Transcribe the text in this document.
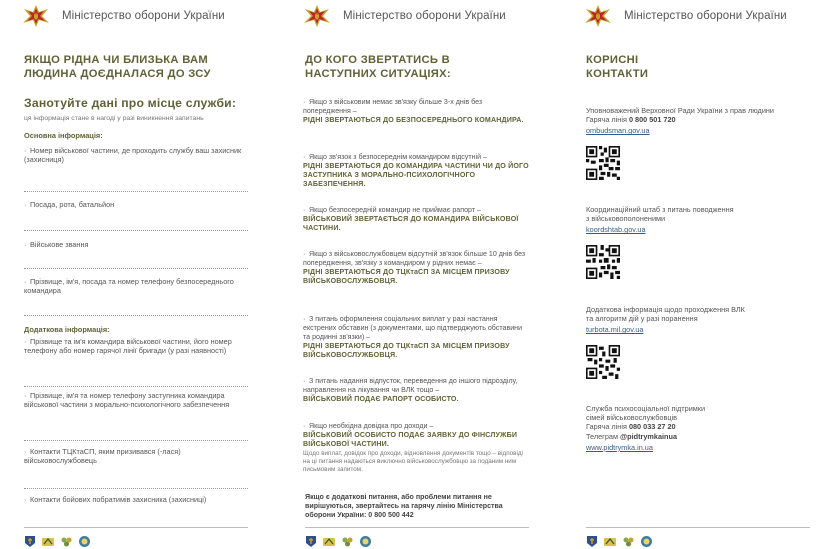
Міністерство оборони України
ЯКЩО РІДНА ЧИ БЛИЗЬКА ВАМ
ЛЮДИНА ДОЄДНАЛАСЯ ДО ЗСУ
Занотуйте дані про місце служби:
ця інформація стане в нагоді у разі виникнення запитань
Основна інформація:
· Номер військової частини, де проходить службу ваш захисник (захисниця)
· Посада, рота, батальйон
· Військове звання
· Прізвище, ім'я, посада та номер телефону безпосереднього командира
Додаткова інформація:
· Прізвище та ім'я командира військової частини, його номер телефону або номер гарячої лінії бригади (у разі наявності)
· Прізвище, ім'я та номер телефону заступника командира військової частини з морально-психологічного забезпечення
· Контакти ТЦКтаСП, яким призивався (-лася) військовослужбовець
· Контакти бойових побратимів захисника (захисниці)
Міністерство оборони України
ДО КОГО ЗВЕРТАТИСЬ В
НАСТУПНИХ СИТУАЦІЯХ:
· Якщо з військовим немає зв'язку більше 3-х днів без попередження –
РІДНІ ЗВЕРТАЮТЬСЯ ДО БЕЗПОСЕРЕДНЬОГО КОМАНДИРА.
· Якщо зв'язок з безпосереднім командиром відсутній –
РІДНІ ЗВЕРТАЮТЬСЯ ДО КОМАНДИРА ЧАСТИНИ ЧИ ДО ЙОГО ЗАСТУПНИКА З МОРАЛЬНО-ПСИХОЛОГІЧНОГО ЗАБЕЗПЕЧЕННЯ.
· Якщо безпосередній командир не приймає рапорт –
ВІЙСЬКОВИЙ ЗВЕРТАЄТЬСЯ ДО КОМАНДИРА ВІЙСЬКОВОЇ ЧАСТИНИ.
· Якщо з військовослужбовцем відсутній зв'язок більше 10 днів без попередження, зв'язку з командиром у рідних немає –
РІДНІ ЗВЕРТАЮТЬСЯ ДО ТЦКтаСП ЗА МІСЦЕМ ПРИЗОВУ ВІЙСЬКОВОСЛУЖБОВЦЯ.
· З питань оформлення соціальних виплат у разі настання екстрених обставин (з документами, що підтверджують обставини та родинні зв'язки) –
РІДНІ ЗВЕРТАЮТЬСЯ ДО ТЦКтаСП ЗА МІСЦЕМ ПРИЗОВУ ВІЙСЬКОВОСЛУЖБОВЦЯ.
· З питань надання відпусток, переведення до іншого підрозділу, направлення на лікування чи ВЛК тощо –
ВІЙСЬКОВИЙ ПОДАЄ РАПОРТ ОСОБИСТО.
· Якщо необхідна довідка про доходи –
ВІЙСЬКОВИЙ ОСОБИСТО ПОДАЄ ЗАЯВКУ ДО ФІНСЛУЖБИ ВІЙСЬКОВОЇ ЧАСТИНИ.
Щодо виплат, довідок про доходи, відновлення документів тощо – відповіді на ці питання надаються виключно військовослужбовцю за поданим ним письмовим запитом.
Якщо є додаткові питання, або проблеми питання не вирішуються, звертайтесь на гарячу лінію Міністерства оборони України: 0 800 500 442
Міністерство оборони України
КОРИСНІ
КОНТАКТИ
Уповноважений Верховної Ради України з прав людини
Гаряча лінія 0 800 501 720
ombudsman.gov.ua
Координаційний штаб з питань поводження
з військовополоненими
koordshtab.gov.ua
Додаткова інформація щодо проходження ВЛК
та алгоритм дій у разі поранення
turbota.mil.gov.ua
Служба психосоціальної підтримки
сімей військовослужбовців
Гаряча лінія 080 033 27 20
Телеграм @pidtrymkainua
www.pidtrymka.in.ua
